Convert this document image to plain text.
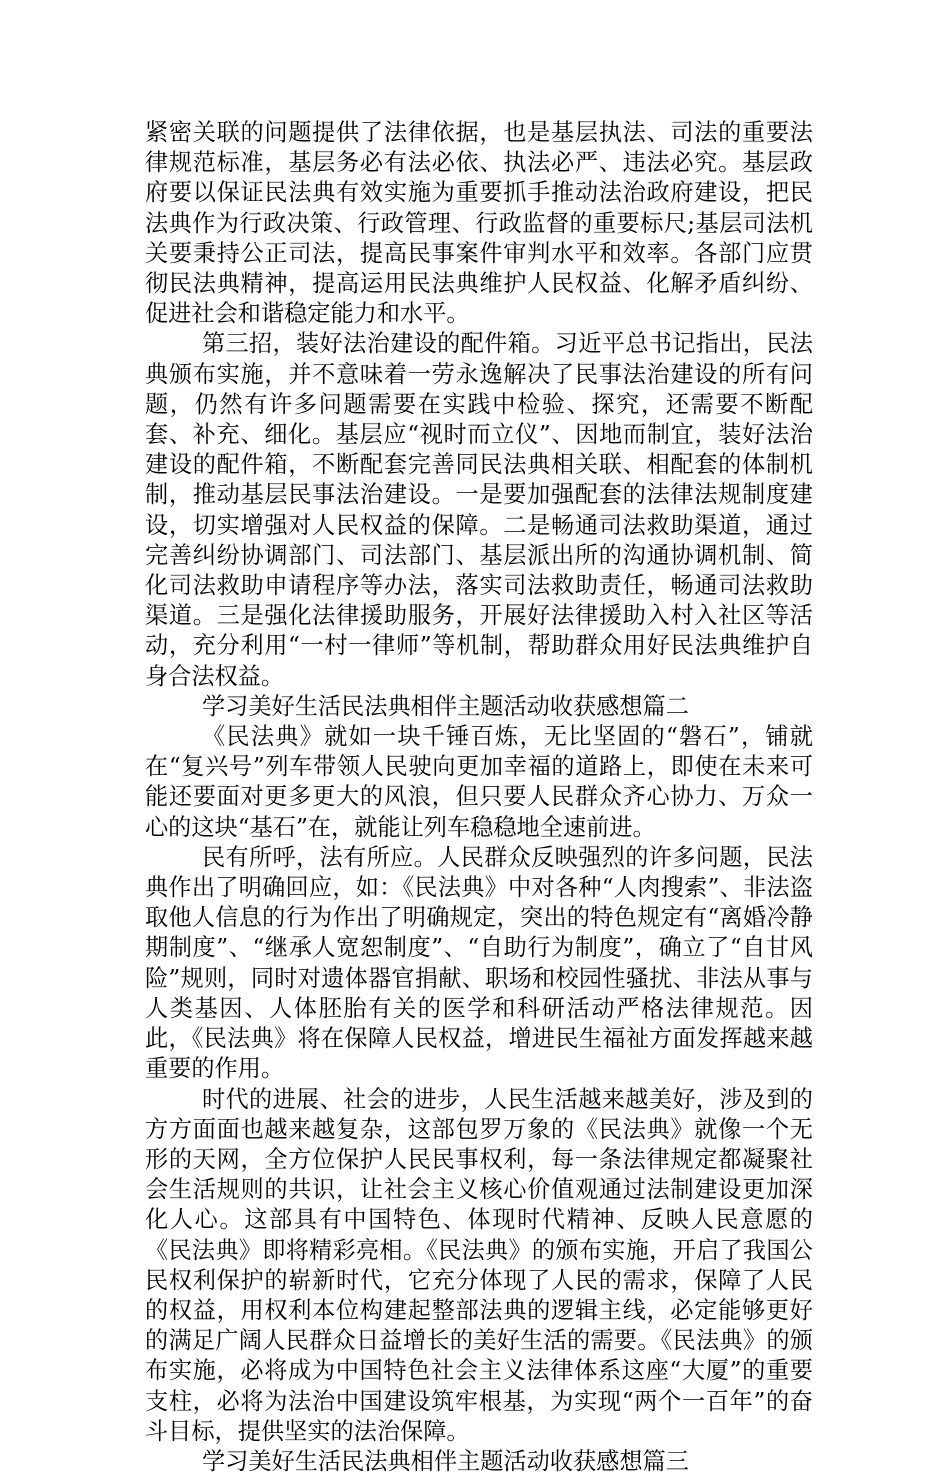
紧密关联的问题提供了法律依据，也是基层执法、司法的重要法律规范标准，基层务必有法必依、执法必严、违法必究。基层政府要以保证民法典有效实施为重要抓手推动法治政府建设，把民法典作为行政决策、行政管理、行政监督的重要标尺;基层司法机关要秉持公正司法，提高民事案件审判水平和效率。各部门应贯彻民法典精神，提高运用民法典维护人民权益、化解矛盾纠纷、促进社会和谐稳定能力和水平。

第三招，装好法治建设的配件箱。习近平总书记指出，民法典颁布实施，并不意味着一劳永逸解决了民事法治建设的所有问题，仍然有许多问题需要在实践中检验、探究，还需要不断配套、补充、细化。基层应“视时而立仪”、因地而制宜，装好法治建设的配件箱，不断配套完善同民法典相关联、相配套的体制机制，推动基层民事法治建设。一是要加强配套的法律法规制度建设，切实增强对人民权益的保障。二是畅通司法救助渠道，通过完善纠纷协调部门、司法部门、基层派出所的沟通协调机制、简化司法救助申请程序等办法，落实司法救助责任，畅通司法救助渠道。三是强化法律援助服务，开展好法律援助入村入社区等活动，充分利用“一村一律师”等机制，帮助群众用好民法典维护自身合法权益。

学习美好生活民法典相伴主题活动收获感想篇二

《民法典》就如一块千锤百炼，无比坚固的“磐石”，铺就在“复兴号”列车带领人民驶向更加幸福的道路上，即使在未来可能还要面对更多更大的风浪，但只要人民群众齐心协力、万众一心的这块“基石”在，就能让列车稳稳地全速前进。

民有所呼，法有所应。人民群众反映强烈的许多问题，民法典作出了明确回应，如：《民法典》中对各种“人肉搜索”、非法盗取他人信息的行为作出了明确规定，突出的特色规定有“离婚冷静期制度”、“继承人宽恕制度”、“自助行为制度”，确立了“自甘风险”规则，同时对遗体器官捐献、职场和校园性骚扰、非法从事与人类基因、人体胚胎有关的医学和科研活动严格法律规范。因此，《民法典》将在保障人民权益，增进民生福祉方面发挥越来越重要的作用。

时代的进展、社会的进步，人民生活越来越美好，涉及到的方方面面也越来越复杂，这部包罗万象的《民法典》就像一个无形的天网，全方位保护人民民事权利，每一条法律规定都凝聚社会生活规则的共识，让社会主义核心价值观通过法制建设更加深化人心。这部具有中国特色、体现时代精神、反映人民意愿的《民法典》即将精彩亮相。《民法典》的颁布实施，开启了我国公民权利保护的崭新时代，它充分体现了人民的需求，保障了人民的权益，用权利本位构建起整部法典的逻辑主线，必定能够更好的满足广阔人民群众日益增长的美好生活的需要。《民法典》的颁布实施，必将成为中国特色社会主义法律体系这座“大厦”的重要支柱，必将为法治中国建设筑牢根基，为实现“两个一百年”的奋斗目标，提供坚实的法治保障。

学习美好生活民法典相伴主题活动收获感想篇三
